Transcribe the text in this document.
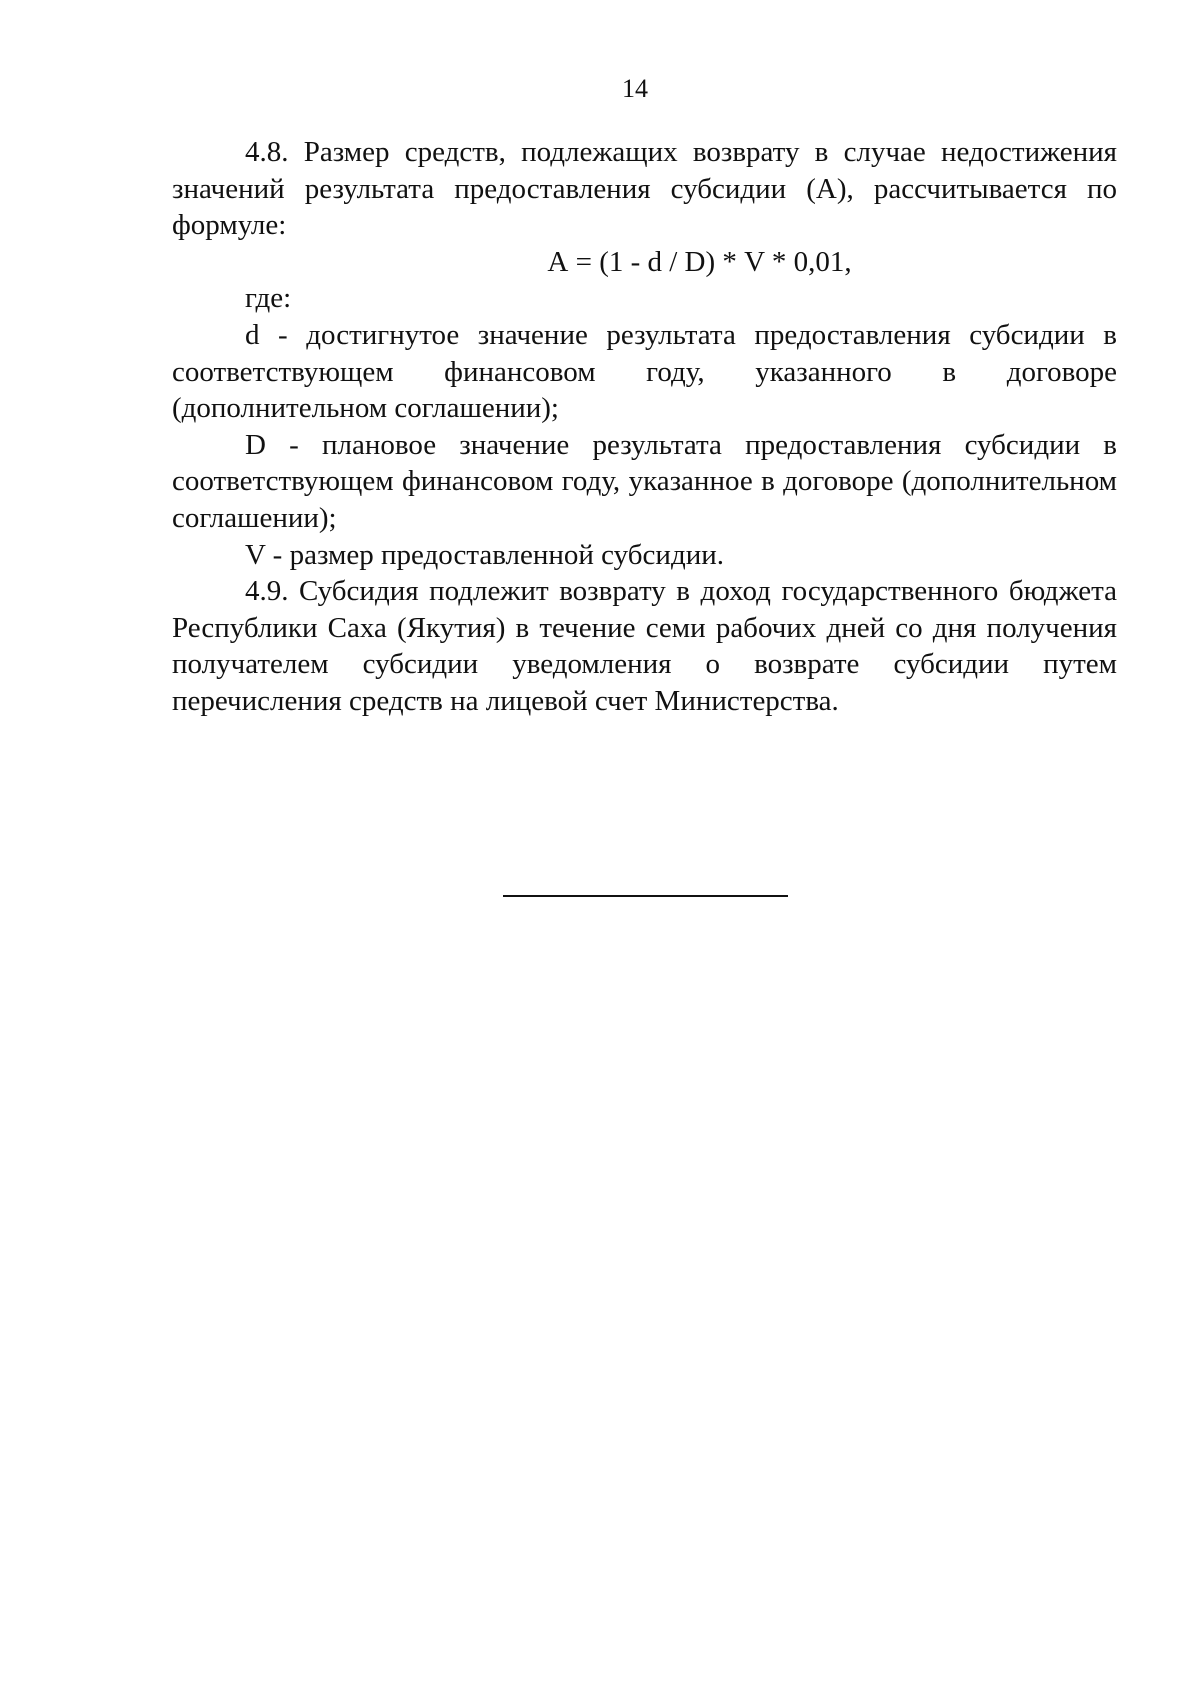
14

4.8. Размер средств, подлежащих возврату в случае недостижения значений результата предоставления субсидии (А), рассчитывается по формуле:

А = (1 - d / D) * V * 0,01,

где:

d - достигнутое значение результата предоставления субсидии в соответствующем финансовом году, указанного в договоре (дополнительном соглашении);

D - плановое значение результата предоставления субсидии в соответствующем финансовом году, указанное в договоре (дополнительном соглашении);

V - размер предоставленной субсидии.

4.9. Субсидия подлежит возврату в доход государственного бюджета Республики Саха (Якутия) в течение семи рабочих дней со дня получения получателем субсидии уведомления о возврате субсидии путем перечисления средств на лицевой счет Министерства.
